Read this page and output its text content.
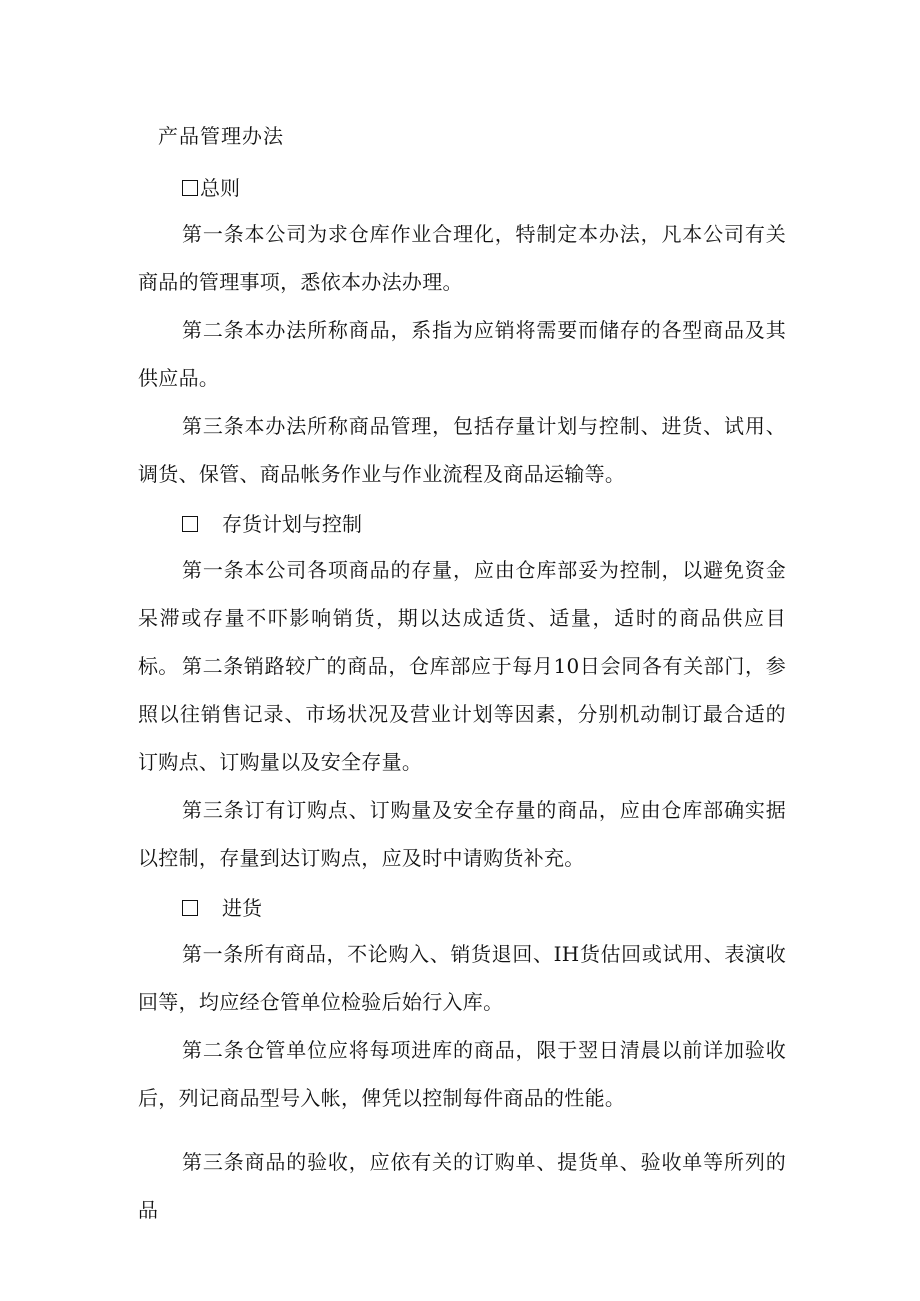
产品管理办法
总则

第一条本公司为求仓库作业合理化，特制定本办法，凡本公司有关商品的管理事项，悉依本办法办理。

第二条本办法所称商品，系指为应销将需要而储存的各型商品及其供应品。

第三条本办法所称商品管理，包括存量计划与控制、进货、试用、调货、保管、商品帐务作业与作业流程及商品运输等。

存货计划与控制

第一条本公司各项商品的存量，应由仓库部妥为控制，以避免资金呆滞或存量不吓影响销货，期以达成适货、适量，适时的商品供应目标。 第二条销路较广的商品，仓库部应于每月10日会同各有关部门，参照以往销售记录、市场状况及营业计划等因素，分别机动制订最合适的订购点、订购量以及安全存量。

第三条订有订购点、订购量及安全存量的商品，应由仓库部确实据以控制，存量到达订购点，应及时中请购货补充。

进货

第一条所有商品，不论购入、销货退回、IH货估回或试用、表演收回等，均应经仓管单位检验后始行入库。

第二条仓管单位应将每项进库的商品，限于翌日清晨以前详加验收后，列记商品型号入帐，俾凭以控制每件商品的性能。

第三条商品的验收，应依有关的订购单、提货单、验收单等所列的品
